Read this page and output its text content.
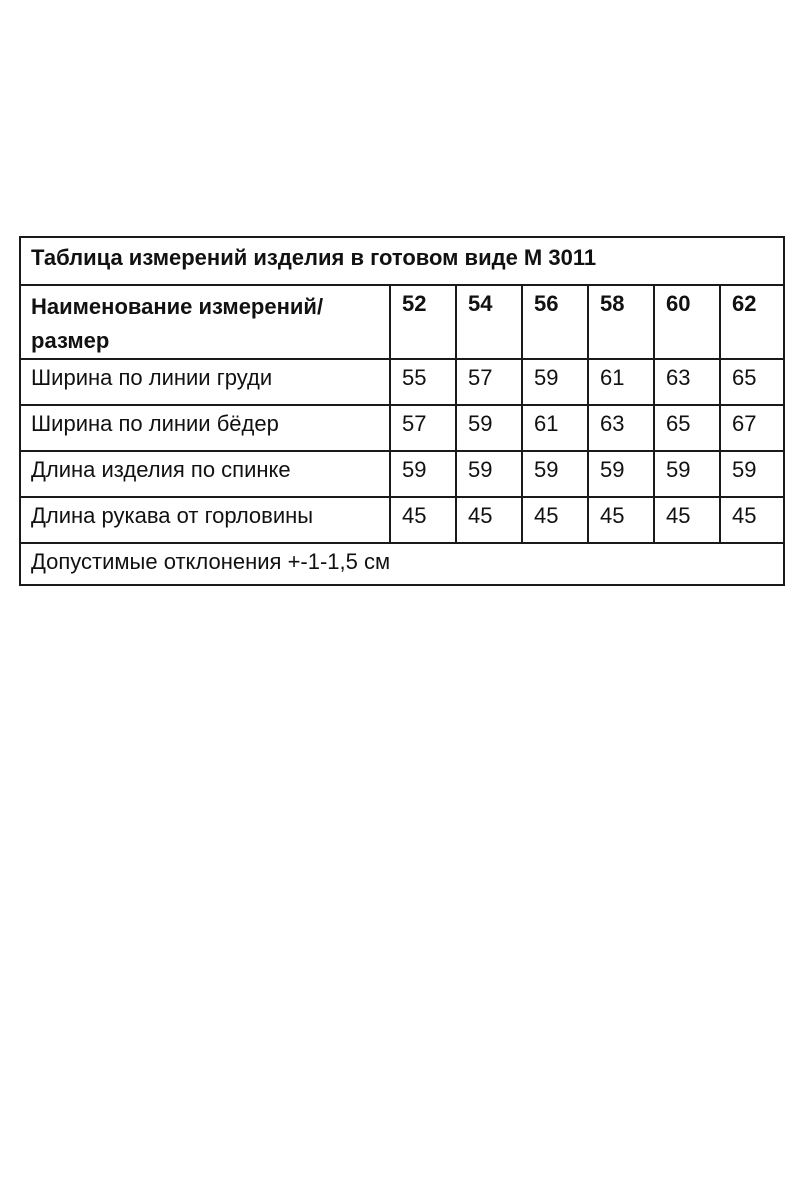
Таблица измерений изделия в готовом виде М 3011						
Наименование измерений/размер	52	54	56	58	60	62
Ширина по линии груди	55	57	59	61	63	65
Ширина по линии бёдер	57	59	61	63	65	67
Длина изделия по спинке	59	59	59	59	59	59
Длина рукава от горловины	45	45	45	45	45	45
Допустимые отклонения +-1-1,5 см						
